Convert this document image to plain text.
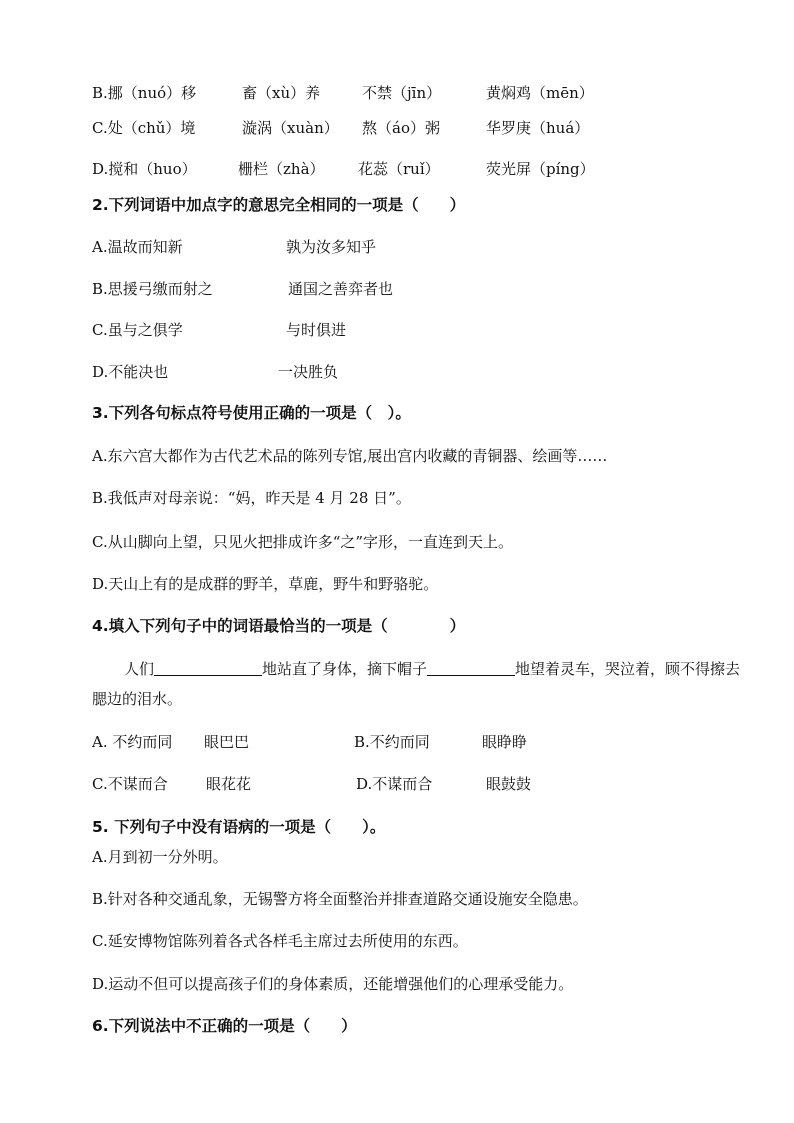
B.挪（nuó）移	畜（xù）养	不禁（jīn）	黄焖鸡（mēn）
C.处（chǔ）境	漩涡（xuàn） 熬（áo）粥	华罗庚（huá）
D.搅和（huo）	栅栏（zhà） 花蕊（ruǐ）	荧光屏（píng）
2.下列词语中加点字的意思完全相同的一项是（　　）
A.温故而知新	孰为汝多知乎
B.思援弓缴而射之	通国之善弈者也
C.虽与之俱学	与时俱进
D.不能决也	一决胜负
3.下列各句标点符号使用正确的一项是（　）。
A.东六宫大都作为古代艺术品的陈列专馆,展出宫内收藏的青铜器、绘画等……
B.我低声对母亲说：“妈，昨天是 4 月 28 日”。
C.从山脚向上望，只见火把排成许多“之”字形，一直连到天上。
D.天山上有的是成群的野羊，草鹿，野牛和野骆驼。
4.填入下列句子中的词语最恰当的一项是（　　　　）
人们	地站直了身体，摘下帽子	地望着灵车，哭泣着，顾不得擦去腮边的泪水。
A. 不约而同 眼巴巴	B.不约而同	眼睁睁
C.不谋而合	眼花花	D.不谋而合	眼鼓鼓
5. 下列句子中没有语病的一项是（　　）。
A.月到初一分外明。
B.针对各种交通乱象，无锡警方将全面整治并排查道路交通设施安全隐患。
C.延安博物馆陈列着各式各样毛主席过去所使用的东西。
D.运动不但可以提高孩子们的身体素质，还能增强他们的心理承受能力。
6.下列说法中不正确的一项是（　　）
